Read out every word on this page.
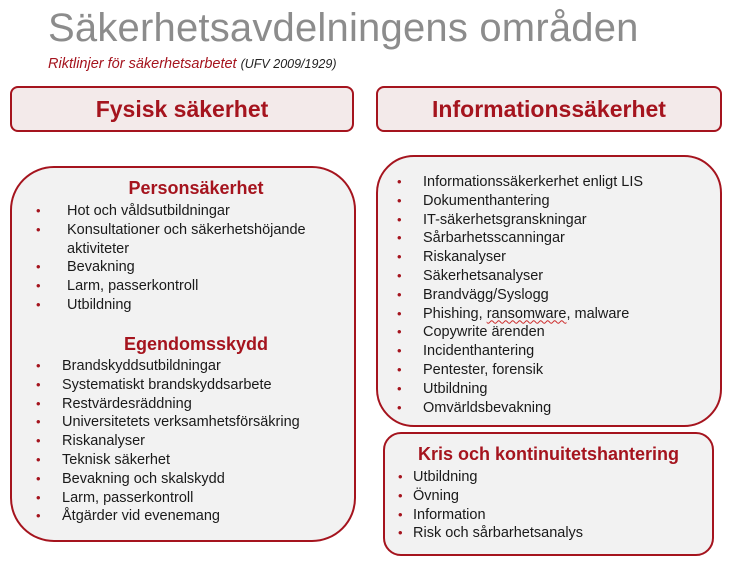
Säkerhetsavdelningens områden
Riktlinjer för säkerhetsarbetet (UFV 2009/1929)
Fysisk säkerhet	Informationssäkerhet
Personsäkerhet
• Hot och våldsutbildningar
• Konsultationer och säkerhetshöjande aktiviteter
• Bevakning
• Larm, passerkontroll
• Utbildning
Egendomsskydd
• Brandskyddsutbildningar
• Systematiskt brandskyddsarbete
• Restvärdesräddning
• Universitetets verksamhetsförsäkring
• Riskanalyser
• Teknisk säkerhet
• Bevakning och skalskydd
• Larm, passerkontroll
• Åtgärder vid evenemang
• Informationssäkerkerhet enligt LIS
• Dokumenthantering
• IT-säkerhetsgranskningar
• Sårbarhetsscanningar
• Riskanalyser
• Säkerhetsanalyser
• Brandvägg/Syslogg
• Phishing, ransomware, malware
• Copywrite ärenden
• Incidenthantering
• Pentester, forensik
• Utbildning
• Omvärldsbevakning
Kris och kontinuitetshantering
• Utbildning
• Övning
• Information
• Risk och sårbarhetsanalys
